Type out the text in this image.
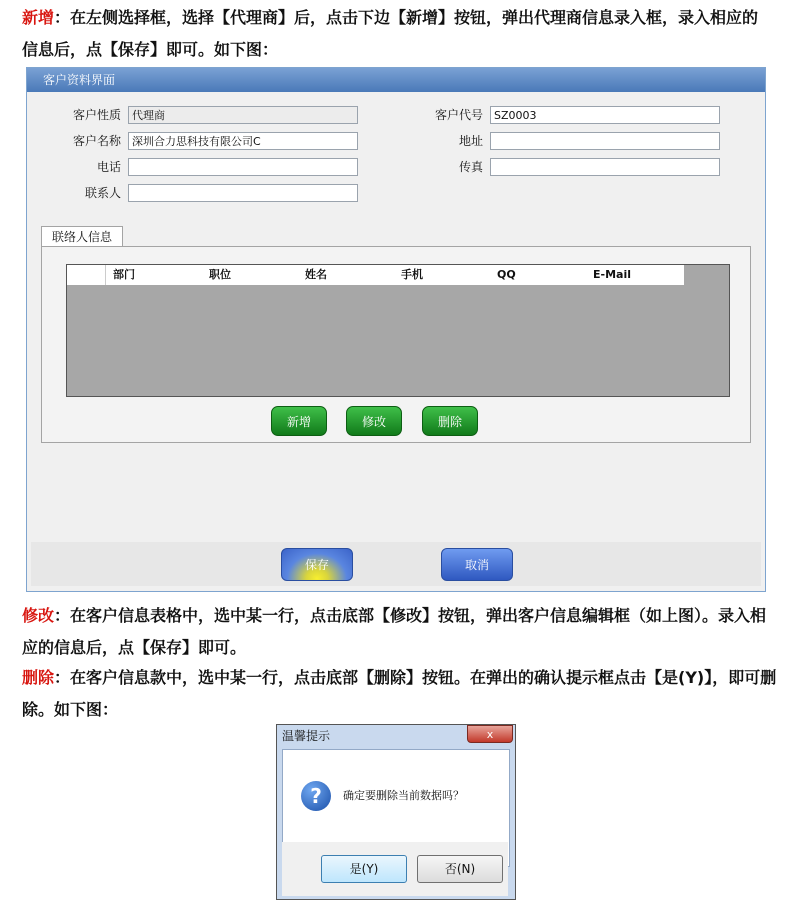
新增：在左侧选择框，选择【代理商】后，点击下边【新增】按钮，弹出代理商信息录入框，录入相应的信息后，点【保存】即可。如下图：
客户资料界面
客户性质	代理商
客户名称	深圳合力思科技有限公司C
电话
联系人
客户代号	SZ0003
地址
传真
联络人信息
部门	职位	姓名	手机	QQ	E-Mail
新增	修改	删除
保存	取消
修改：在客户信息表格中，选中某一行，点击底部【修改】按钮，弹出客户信息编辑框（如上图）。录入相应的信息后，点【保存】即可。
删除：在客户信息款中，选中某一行，点击底部【删除】按钮。在弹出的确认提示框点击【是(Y)】，即可删除。如下图：
温馨提示	x
?	确定要删除当前数据吗？
是(Y)	否(N)
